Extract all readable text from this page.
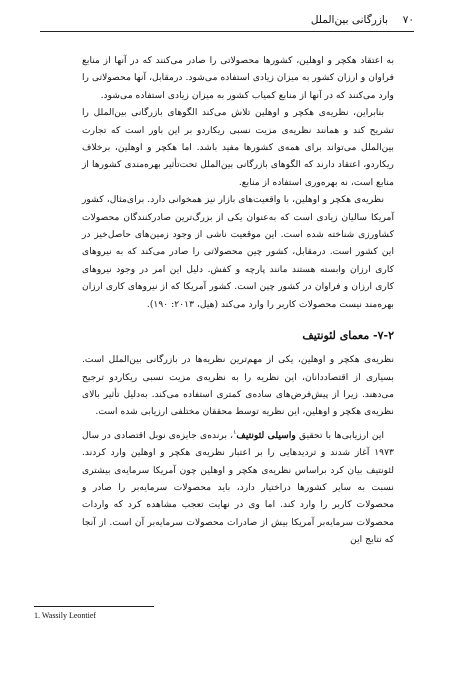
۷۰
بازرگانی بین‌الملل

به اعتقاد هکچر و اوهلین، کشورها محصولاتی را صادر می‌کنند که در آنها از منابع فراوان و ارزان کشور به میزان زیادی استفاده می‌شود. درمقابل، آنها محصولاتی را وارد می‌کنند که در آنها از منابع کمیاب کشور به میزان زیادی استفاده می‌شود.

بنابراین، نظریه‌ی هکچر و اوهلین تلاش می‌کند الگوهای بازرگانی بین‌الملل را تشریح کند و همانند نظریه‌ی مزیت نسبی ریکاردو بر این باور است که تجارت بین‌الملل می‌تواند برای همه‌ی کشورها مفید باشد. اما هکچر و اوهلین، برخلاف ریکاردو، اعتقاد دارند که الگوهای بازرگانی بین‌الملل تحت‌تأثیر بهره‌مندی کشورها از منابع است، نه بهره‌وری استفاده از منابع.

نظریه‌ی هکچر و اوهلین، با واقعیت‌های بازار نیز همخوانی دارد. برای‌مثال، کشور آمریکا سالیان زیادی است که به‌عنوان یکی از بزرگ‌ترین صادرکنندگان محصولات کشاورزی شناخته شده است. این موقعیت ناشی از وجود زمین‌های حاصل‌خیز در این کشور است. درمقابل، کشور چین محصولاتی را صادر می‌کند که به نیروهای کاری ارزان وابسته هستند مانند پارچه و کفش. دلیل این امر در وجود نیروهای کاری ارزان و فراوان در کشور چین است. کشور آمریکا که از نیروهای کاری ارزان بهره‌مند نیست محصولات کاربر را وارد می‌کند (هیل، ۲۰۱۳: ۱۹۰).

۷-۲- معمای لئونتیف

نظریه‌ی هکچر و اوهلین، یکی از مهم‌ترین نظریه‌ها در بازرگانی بین‌الملل است. بسیاری از اقتصاددانان، این نظریه را به نظریه‌ی مزیت نسبی ریکاردو ترجیح می‌دهند. زیرا از پیش‌فرض‌های ساده‌ی کمتری استفاده می‌کند. به‌دلیل تأثیر بالای نظریه‌ی هکچر و اوهلین، این نظریه توسط محققان مختلفی ارزیابی شده است.

این ارزیابی‌ها با تحقیق واسیلی لئونتیف$^۱$، برنده‌ی جایزه‌ی نوبل اقتصادی در سال ۱۹۷۳ آغاز شدند و تردیدهایی را بر اعتبار نظریه‌ی هکچر و اوهلین وارد کردند. لئونتیف بیان کرد براساس نظریه‌ی هکچر و اوهلین چون آمریکا سرمایه‌ی بیشتری نسبت به سایر کشورها دراختیار دارد، باید محصولات سرمایه‌بر را صادر و محصولات کاربر را وارد کند. اما وی در نهایت تعجب مشاهده کرد که واردات محصولات سرمایه‌بر آمریکا بیش از صادرات محصولات سرمایه‌بر آن است. از آنجا که نتایج این

1. Wassily Leontief
